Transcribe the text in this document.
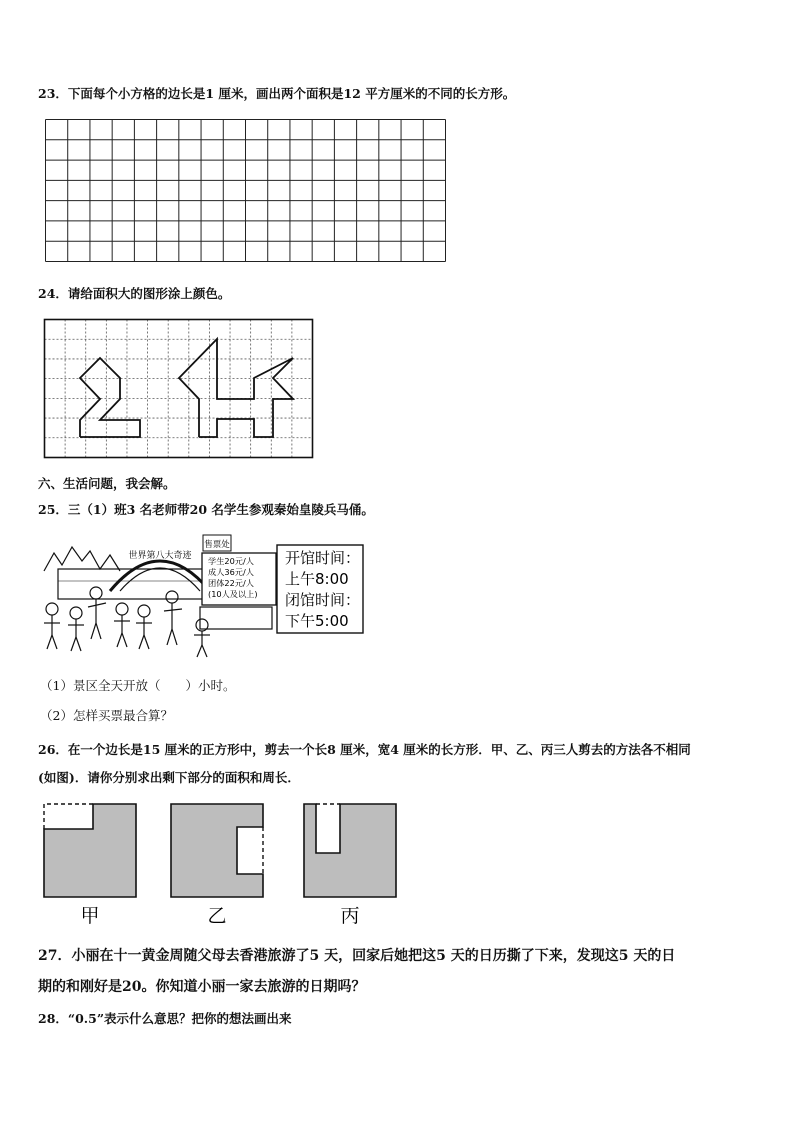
23．下面每个小方格的边长是1 厘米，画出两个面积是12 平方厘米的不同的长方形。
24．请给面积大的图形涂上颜色。
六、生活问题，我会解。
25．三（1）班3 名老师带20 名学生参观秦始皇陵兵马俑。
世界第八大奇迹
售票处
学生20元/人
成人36元/人
团体22元/人
(10人及以上)
开馆时间：
上午8:00
闭馆时间：
下午5:00
（1）景区全天开放（　　）小时。
（2）怎样买票最合算？
26．在一个边长是15 厘米的正方形中，剪去一个长8 厘米，宽4 厘米的长方形．甲、乙、丙三人剪去的方法各不相同
(如图)．请你分别求出剩下部分的面积和周长．
甲	乙	丙
27．小丽在十一黄金周随父母去香港旅游了5 天，回家后她把这5 天的日历撕了下来，发现这5 天的日
期的和刚好是20。你知道小丽一家去旅游的日期吗？
28．“0.5”表示什么意思？把你的想法画出来
